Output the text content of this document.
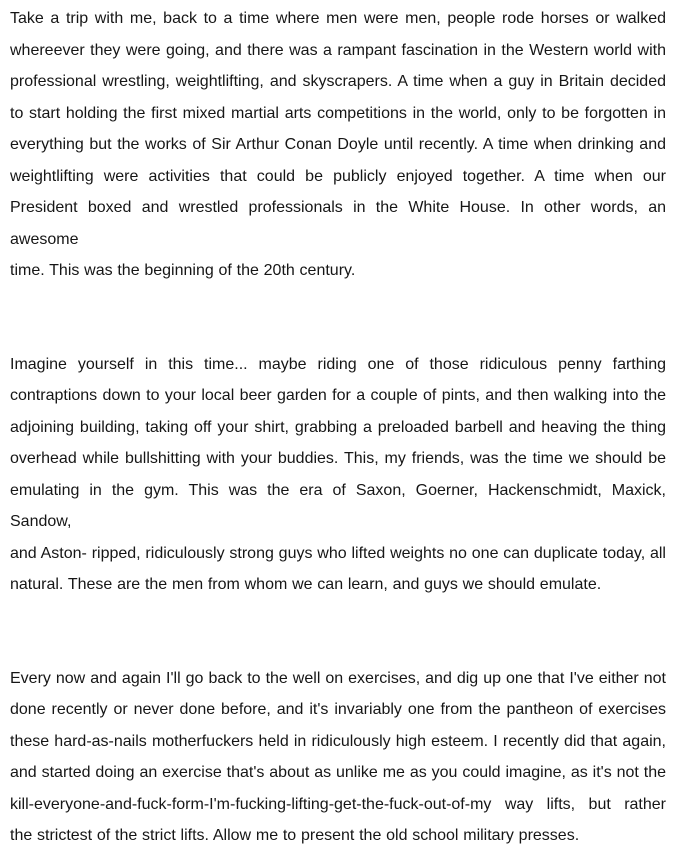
Take a trip with me, back to a time where men were men, people rode horses or walked
whereever they were going, and there was a rampant fascination in the Western world with
professional wrestling, weightlifting, and skyscrapers. A time when a guy in Britain decided
to start holding the first mixed martial arts competitions in the world, only to be forgotten in
everything but the works of Sir Arthur Conan Doyle until recently. A time when drinking and
weightlifting were activities that could be publicly enjoyed together. A time when our
President boxed and wrestled professionals in the White House. In other words, an awesome
time. This was the beginning of the 20th century.
Imagine yourself in this time... maybe riding one of those ridiculous penny farthing
contraptions down to your local beer garden for a couple of pints, and then walking into the
adjoining building, taking off your shirt, grabbing a preloaded barbell and heaving the thing
overhead while bullshitting with your buddies. This, my friends, was the time we should be
emulating in the gym. This was the era of Saxon, Goerner, Hackenschmidt, Maxick, Sandow,
and Aston- ripped, ridiculously strong guys who lifted weights no one can duplicate today, all
natural. These are the men from whom we can learn, and guys we should emulate.
Every now and again I'll go back to the well on exercises, and dig up one that I've either not
done recently or never done before, and it's invariably one from the pantheon of exercises
these hard-as-nails motherfuckers held in ridiculously high esteem. I recently did that again,
and started doing an exercise that's about as unlike me as you could imagine, as it's not the
kill-everyone-and-fuck-form-I'm-fucking-lifting-get-the-fuck-out-of-my way lifts, but rather
the strictest of the strict lifts. Allow me to present the old school military presses.
